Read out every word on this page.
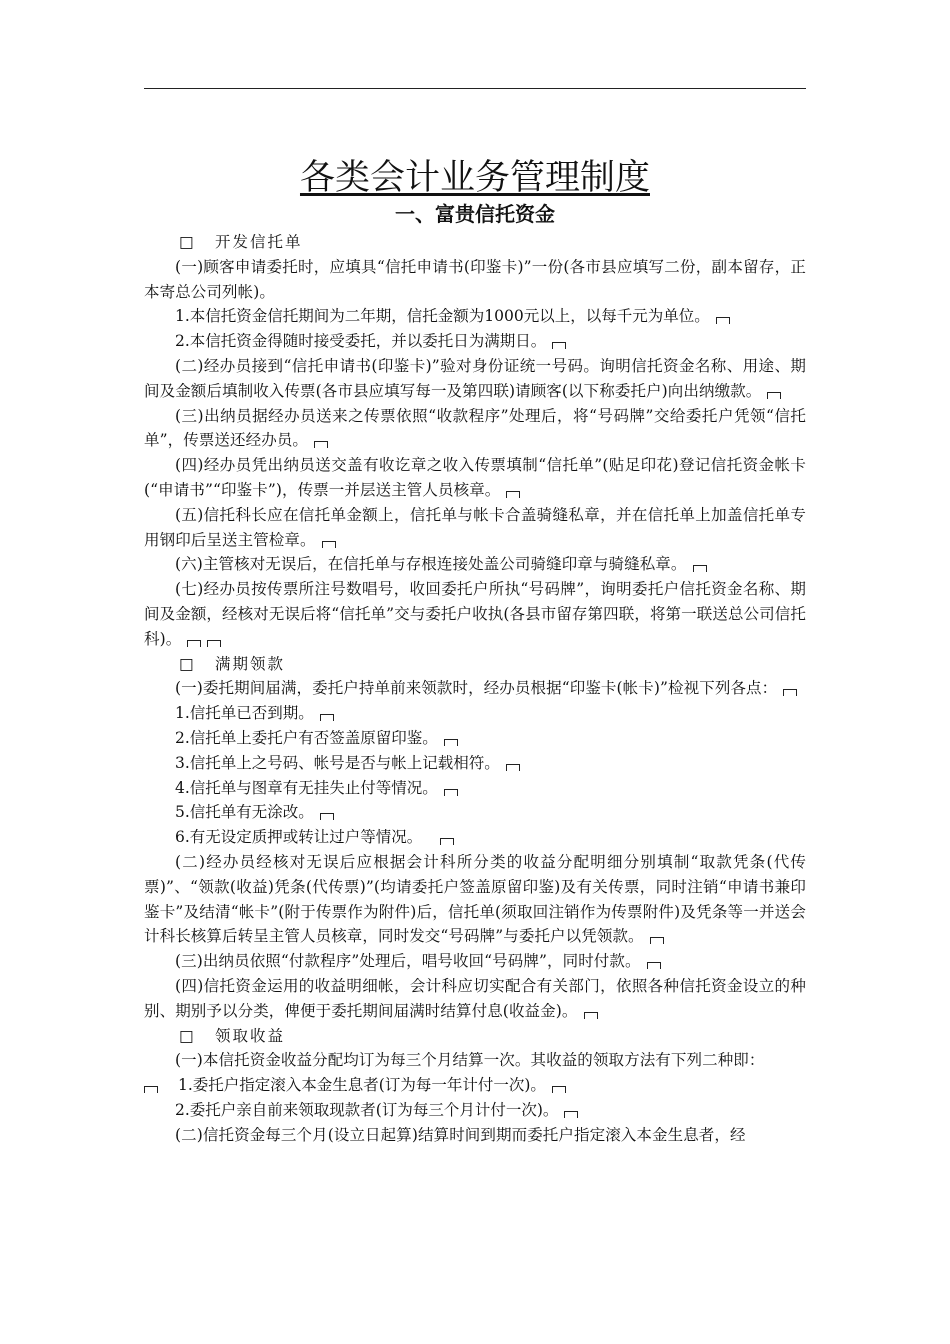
各类会计业务管理制度
一、富贵信托资金
□ 开发信托单

(一)顾客申请委托时，应填具“信托申请书(印鉴卡)”一份(各市县应填写二份，副本留存，正本寄总公司列帐)。

1.本信托资金信托期间为二年期，信托金额为1000元以上，以每千元为单位。

2.本信托资金得随时接受委托，并以委托日为满期日。

(二)经办员接到“信托申请书(印鉴卡)”验对身份证统一号码。询明信托资金名称、用途、期间及金额后填制收入传票(各市县应填写每一及第四联)请顾客(以下称委托户)向出纳缴款。

(三)出纳员据经办员送来之传票依照“收款程序”处理后，将“号码牌”交给委托户凭领“信托单”，传票送还经办员。

(四)经办员凭出纳员送交盖有收讫章之收入传票填制“信托单”(贴足印花)登记信托资金帐卡(“申请书”“印鉴卡”)，传票一并层送主管人员核章。

(五)信托科长应在信托单金额上，信托单与帐卡合盖骑缝私章，并在信托单上加盖信托单专用钢印后呈送主管检章。

(六)主管核对无误后，在信托单与存根连接处盖公司骑缝印章与骑缝私章。

(七)经办员按传票所注号数唱号，收回委托户所执“号码牌”，询明委托户信托资金名称、期间及金额，经核对无误后将“信托单”交与委托户收执(各县市留存第四联，将第一联送总公司信托科)。

□ 满期领款

(一)委托期间届满，委托户持单前来领款时，经办员根据“印鉴卡(帐卡)”检视下列各点：

1.信托单已否到期。

2.信托单上委托户有否签盖原留印鉴。

3.信托单上之号码、帐号是否与帐上记载相符。

4.信托单与图章有无挂失止付等情况。

5.信托单有无涂改。

6.有无设定质押或转让过户等情况。

(二)经办员经核对无误后应根据会计科所分类的收益分配明细分别填制“取款凭条(代传票)”、“领款(收益)凭条(代传票)”(均请委托户签盖原留印鉴)及有关传票，同时注销“申请书兼印鉴卡”及结清“帐卡”(附于传票作为附件)后，信托单(须取回注销作为传票附件)及凭条等一并送会计科长核算后转呈主管人员核章，同时发交“号码牌”与委托户以凭领款。

(三)出纳员依照“付款程序”处理后，唱号收回“号码牌”，同时付款。

(四)信托资金运用的收益明细帐，会计科应切实配合有关部门，依照各种信托资金设立的种别、期别予以分类，俾便于委托期间届满时结算付息(收益金)。

□ 领取收益

(一)本信托资金收益分配均订为每三个月结算一次。其收益的领取方法有下列二种即：

1.委托户指定滚入本金生息者(订为每一年计付一次)。

2.委托户亲自前来领取现款者(订为每三个月计付一次)。

(二)信托资金每三个月(设立日起算)结算时间到期而委托户指定滚入本金生息者，经
